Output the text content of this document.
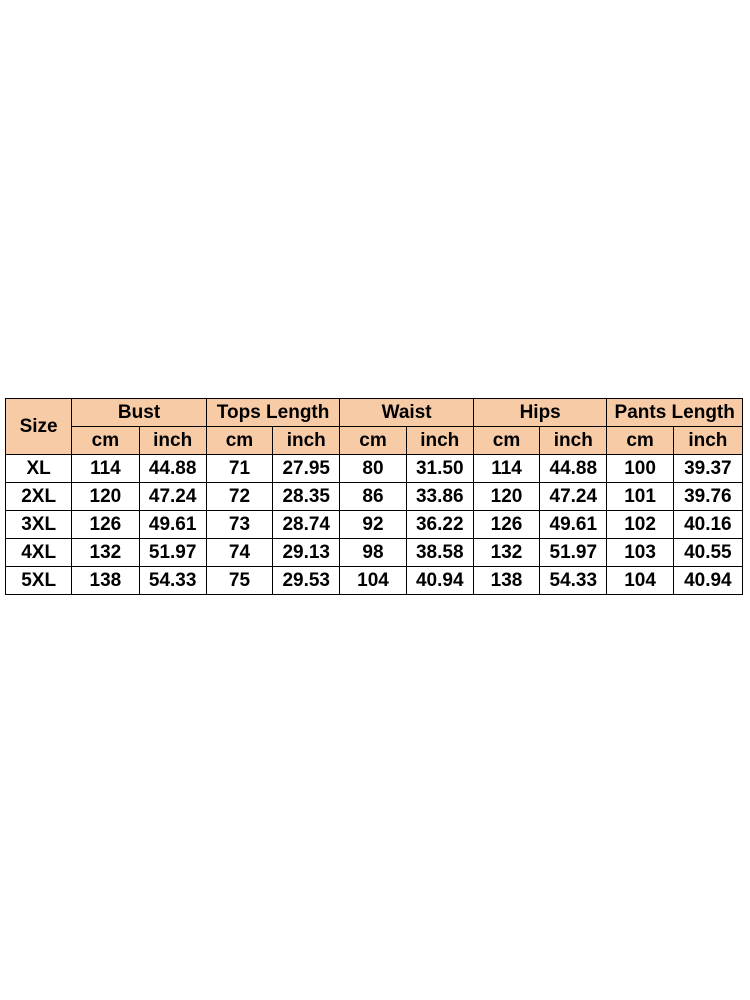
Size	Bust		Tops Length		Waist		Hips		Pants Length	
	cm	inch	cm	inch	cm	inch	cm	inch	cm	inch
XL	114	44.88	71	27.95	80	31.50	114	44.88	100	39.37
2XL	120	47.24	72	28.35	86	33.86	120	47.24	101	39.76
3XL	126	49.61	73	28.74	92	36.22	126	49.61	102	40.16
4XL	132	51.97	74	29.13	98	38.58	132	51.97	103	40.55
5XL	138	54.33	75	29.53	104	40.94	138	54.33	104	40.94
